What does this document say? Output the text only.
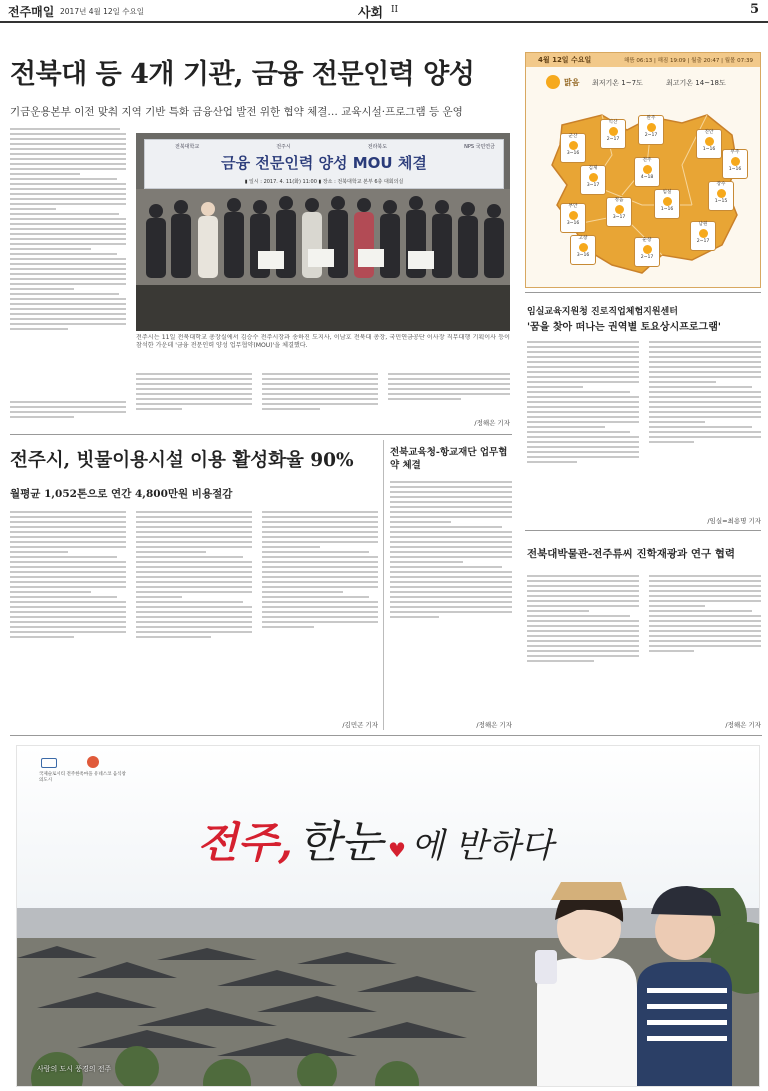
전주매일 2017년 4월 12일 수요일	사회 II	5
전북대 등 4개 기관, 금융 전문인력 양성
기금운용본부 이전 맞춰 지역 기반 특화 금융산업 발전 위한 협약 체결… 교육시설·프로그램 등 운영
전북대학교	전주시	전라북도	NPS 국민연금
금융 전문인력 양성 MOU 체결
▮ 일시 : 2017. 4. 11(화) 11:00 ▮ 장소 : 전북대학교 본부 6층 대회의실
전주시는 11일 전북대학교 총장실에서 김승수 전주시장과 송하진 도지사, 이남호 전북대 총장, 국민연금공단 이사장 직무대행 기획이사 등이 참석한 가운데 '금융 전문인력 양성 업무협약(MOU)'을 체결했다.
/정해은 기자
4월 12일 수요일	해뜸 06:13 | 해짐 19:09 | 월출 20:47 | 월몰 07:39
맑음 최저기온 1~7도	최고기온 14~18도
군산
3~16
익산
2~17
완주
2~17
진안
1~16
무주
1~16
김제
3~17
전주
4~18
장수
1~15
부안
3~16
정읍
3~17
임실
1~16
남원
2~17
고창
3~16
순창
2~17
임실교육지원청 진로직업체험지원센터
'꿈을 찾아 떠나는 권역별 토요상시프로그램'
/임실=최용명 기자
전주시, 빗물이용시설 이용 활성화율 90%
월평균 1,052톤으로 연간 4,800만원 비용절감
/김민곤 기자
전북교육청-항교재단 업무협약 체결
/정해은 기자
전북대박물관-전주류씨 진학재광과 연구 협력
/정해은 기자
국제슬로시티 전주한옥마을 유네스코 음식창의도시
전주, 한눈 ♥ 에 반하다
사람의 도시 풍경의 전주
